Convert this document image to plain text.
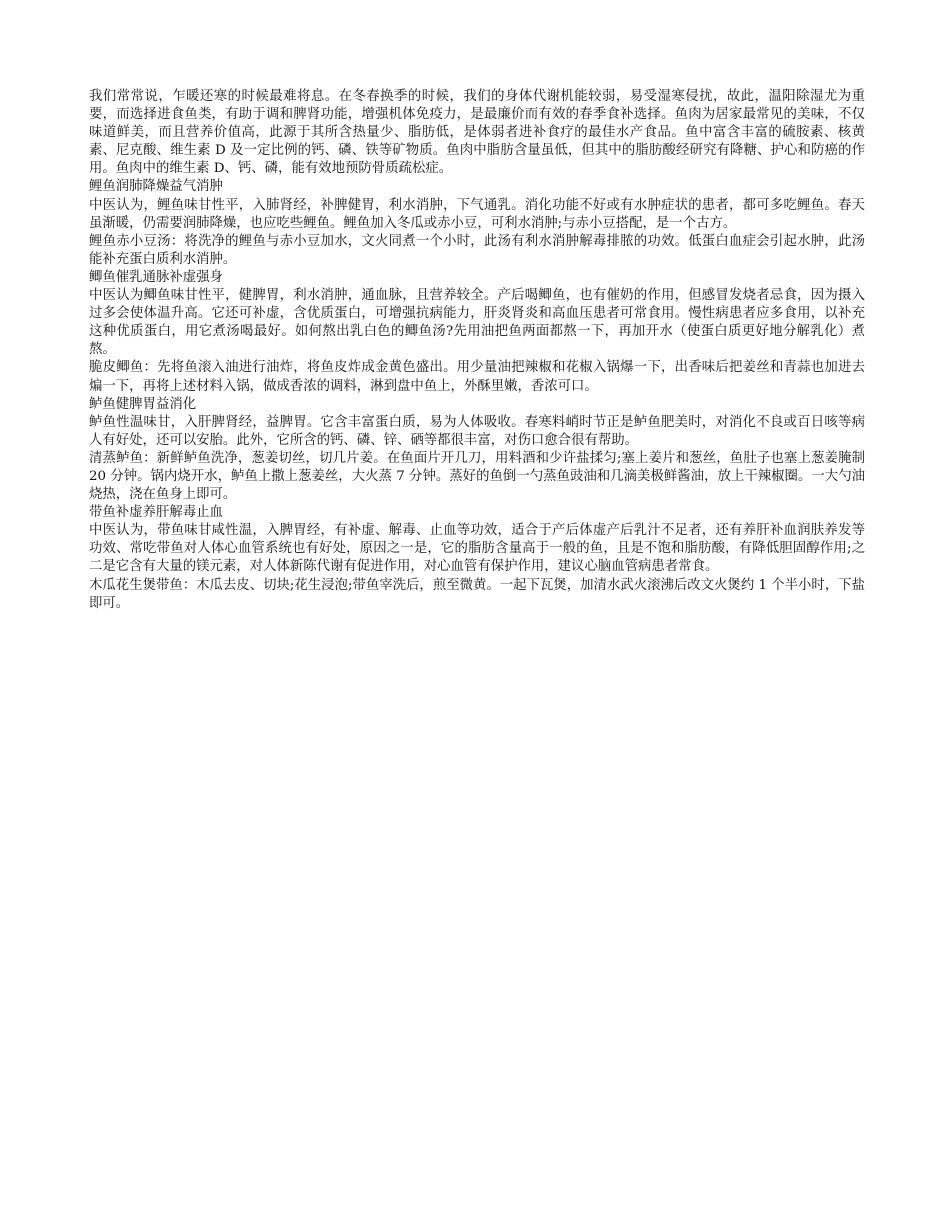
我们常常说，乍暖还寒的时候最难将息。在冬春换季的时候，我们的身体代谢机能较弱，易受湿寒侵扰，故此，温阳除湿尤为重要，而选择进食鱼类，有助于调和脾肾功能，增强机体免疫力，是最廉价而有效的春季食补选择。鱼肉为居家最常见的美味，不仅味道鲜美，而且营养价值高，此源于其所含热量少、脂肪低，是体弱者进补食疗的最佳水产食品。鱼中富含丰富的硫胺素、核黄素、尼克酸、维生素 D 及一定比例的钙、磷、铁等矿物质。鱼肉中脂肪含量虽低，但其中的脂肪酸经研究有降糖、护心和防癌的作用。鱼肉中的维生素 D、钙、磷，能有效地预防骨质疏松症。

鲤鱼润肺降燥益气消肿

中医认为，鲤鱼味甘性平，入肺肾经，补脾健胃，利水消肿，下气通乳。消化功能不好或有水肿症状的患者，都可多吃鲤鱼。春天虽渐暖，仍需要润肺降燥，也应吃些鲤鱼。鲤鱼加入冬瓜或赤小豆，可利水消肿;与赤小豆搭配，是一个古方。

鲤鱼赤小豆汤：将洗净的鲤鱼与赤小豆加水，文火同煮一个小时，此汤有利水消肿解毒排脓的功效。低蛋白血症会引起水肿，此汤能补充蛋白质利水消肿。

鲫鱼催乳通脉补虚强身

中医认为鲫鱼味甘性平，健脾胃，利水消肿，通血脉，且营养较全。产后喝鲫鱼，也有催奶的作用，但感冒发烧者忌食，因为摄入过多会使体温升高。它还可补虚，含优质蛋白，可增强抗病能力，肝炎肾炎和高血压患者可常食用。慢性病患者应多食用，以补充这种优质蛋白，用它煮汤喝最好。如何熬出乳白色的鲫鱼汤?先用油把鱼两面都熬一下，再加开水（使蛋白质更好地分解乳化）煮熬。

脆皮鲫鱼：先将鱼滚入油进行油炸，将鱼皮炸成金黄色盛出。用少量油把辣椒和花椒入锅爆一下，出香味后把姜丝和青蒜也加进去煸一下，再将上述材料入锅，做成香浓的调料，淋到盘中鱼上，外酥里嫩，香浓可口。

鲈鱼健脾胃益消化

鲈鱼性温味甘，入肝脾肾经，益脾胃。它含丰富蛋白质，易为人体吸收。春寒料峭时节正是鲈鱼肥美时，对消化不良或百日咳等病人有好处，还可以安胎。此外，它所含的钙、磷、锌、硒等都很丰富，对伤口愈合很有帮助。

清蒸鲈鱼：新鲜鲈鱼洗净，葱姜切丝，切几片姜。在鱼面片开几刀，用料酒和少许盐揉匀;塞上姜片和葱丝，鱼肚子也塞上葱姜腌制 20 分钟。锅内烧开水，鲈鱼上撒上葱姜丝，大火蒸 7 分钟。蒸好的鱼倒一勺蒸鱼豉油和几滴美极鲜酱油，放上干辣椒圈。一大勺油烧热，浇在鱼身上即可。

带鱼补虚养肝解毒止血

中医认为，带鱼味甘咸性温，入脾胃经，有补虚、解毒、止血等功效，适合于产后体虚产后乳汁不足者，还有养肝补血润肤养发等功效、常吃带鱼对人体心血管系统也有好处，原因之一是，它的脂肪含量高于一般的鱼，且是不饱和脂肪酸，有降低胆固醇作用;之二是它含有大量的镁元素，对人体新陈代谢有促进作用，对心血管有保护作用，建议心脑血管病患者常食。

木瓜花生煲带鱼：木瓜去皮、切块;花生浸泡;带鱼宰洗后，煎至微黄。一起下瓦煲，加清水武火滚沸后改文火煲约 1 个半小时，下盐即可。
